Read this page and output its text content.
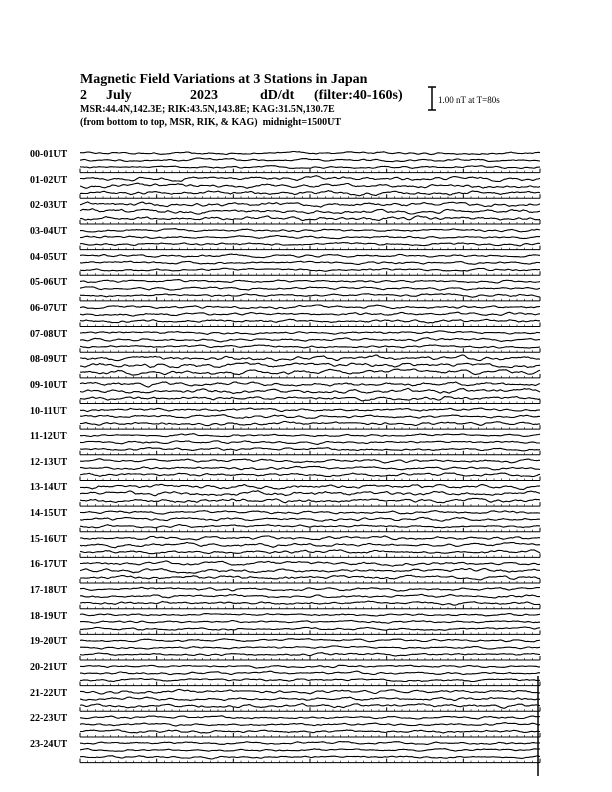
Magnetic Field Variations at 3 Stations in Japan
2 July	2023	dD/dt (filter:40-160s)
MSR:44.4N,142.3E; RIK:43.5N,143.8E; KAG:31.5N,130.7E
(from bottom to top, MSR, RIK, & KAG) midnight=1500UT
1.00 nT at T=80s
00-01UT
01-02UT
02-03UT
03-04UT
04-05UT
05-06UT
06-07UT
07-08UT
08-09UT
09-10UT
10-11UT
11-12UT
12-13UT
13-14UT
14-15UT
15-16UT
16-17UT
17-18UT
18-19UT
19-20UT
20-21UT
21-22UT
22-23UT
23-24UT
